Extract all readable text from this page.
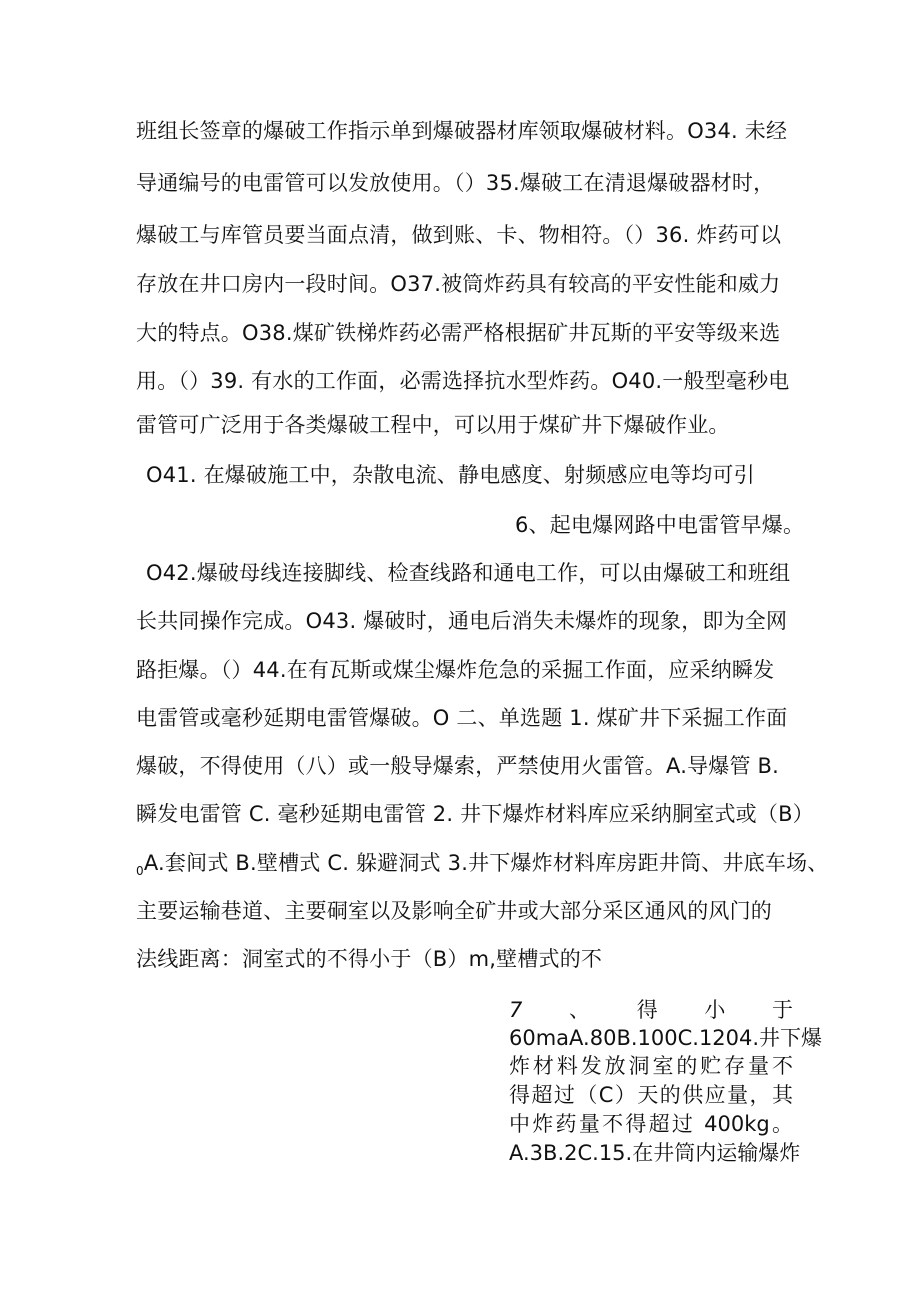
班组长签章的爆破工作指示单到爆破器材库领取爆破材料。O34. 未经
导通编号的电雷管可以发放使用。（）35.爆破工在清退爆破器材时，
爆破工与库管员要当面点清，做到账、卡、物相符。（）36. 炸药可以
存放在井口房内一段时间。O37.被筒炸药具有较高的平安性能和威力
大的特点。O38.煤矿铁梯炸药必需严格根据矿井瓦斯的平安等级来选
用。（）39. 有水的工作面，必需选择抗水型炸药。O40.一般型毫秒电
雷管可广泛用于各类爆破工程中，可以用于煤矿井下爆破作业。
O41. 在爆破施工中，杂散电流、静电感度、射频感应电等均可引
6、起电爆网路中电雷管早爆。
O42.爆破母线连接脚线、检查线路和通电工作，可以由爆破工和班组
长共同操作完成。O43. 爆破时，通电后消失未爆炸的现象，即为全网
路拒爆。（）44.在有瓦斯或煤尘爆炸危急的采掘工作面，应采纳瞬发
电雷管或毫秒延期电雷管爆破。O 二、单选题 1. 煤矿井下采掘工作面
爆破，不得使用（八）或一般导爆索，严禁使用火雷管。A.导爆管 B.
瞬发电雷管 C. 毫秒延期电雷管 2. 井下爆炸材料库应采纳胴室式或（B）
$_0$A.套间式 B.壁槽式 C. 躲避洞式 3.井下爆炸材料库房距井筒、井底车场、
主要运输巷道、主要硐室以及影响全矿井或大部分采区通风的风门的
法线距离：洞室式的不得小于（B）m,壁槽式的不
7 、 得 小 于
60maA.80B.100C.1204.井下爆
炸材料发放洞室的贮存量不
得超过（C）天的供应量，其
中炸药量不得超过 400kg。
A.3B.2C.15.在井筒内运输爆炸
